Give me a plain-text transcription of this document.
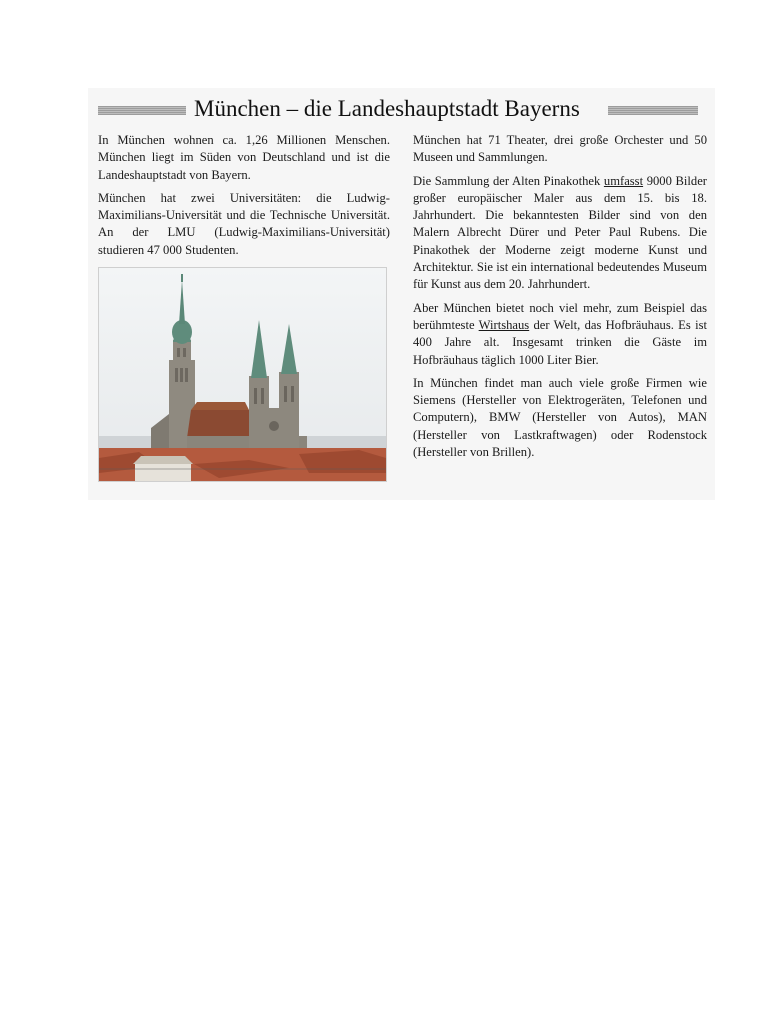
München – die Landeshauptstadt Bayerns

In München wohnen ca. 1,26 Millionen Menschen. München liegt im Süden von Deutschland und ist die Landeshauptstadt von Bayern.

München hat zwei Universitäten: die Ludwig-Maximilians-Universität und die Technische Universität. An der LMU (Ludwig-Maximilians-Universität) studieren 47 000 Studenten.

München hat 71 Theater, drei große Orchester und 50 Museen und Sammlungen.

Die Sammlung der Alten Pinakothek umfasst 9000 Bilder großer europäischer Maler aus dem 15. bis 18. Jahrhundert. Die bekanntesten Bilder sind von den Malern Albrecht Dürer und Peter Paul Rubens. Die Pinakothek der Moderne zeigt moderne Kunst und Architektur. Sie ist ein international bedeutendes Museum für Kunst aus dem 20. Jahrhundert.

Aber München bietet noch viel mehr, zum Beispiel das berühmteste Wirtshaus der Welt, das Hofbräuhaus. Es ist 400 Jahre alt. Insgesamt trinken die Gäste im Hofbräuhaus täglich 1000 Liter Bier.

In München findet man auch viele große Firmen wie Siemens (Hersteller von Elektrogeräten, Telefonen und Computern), BMW (Hersteller von Autos), MAN (Hersteller von Lastkraftwagen) oder Rodenstock (Hersteller von Brillen).
